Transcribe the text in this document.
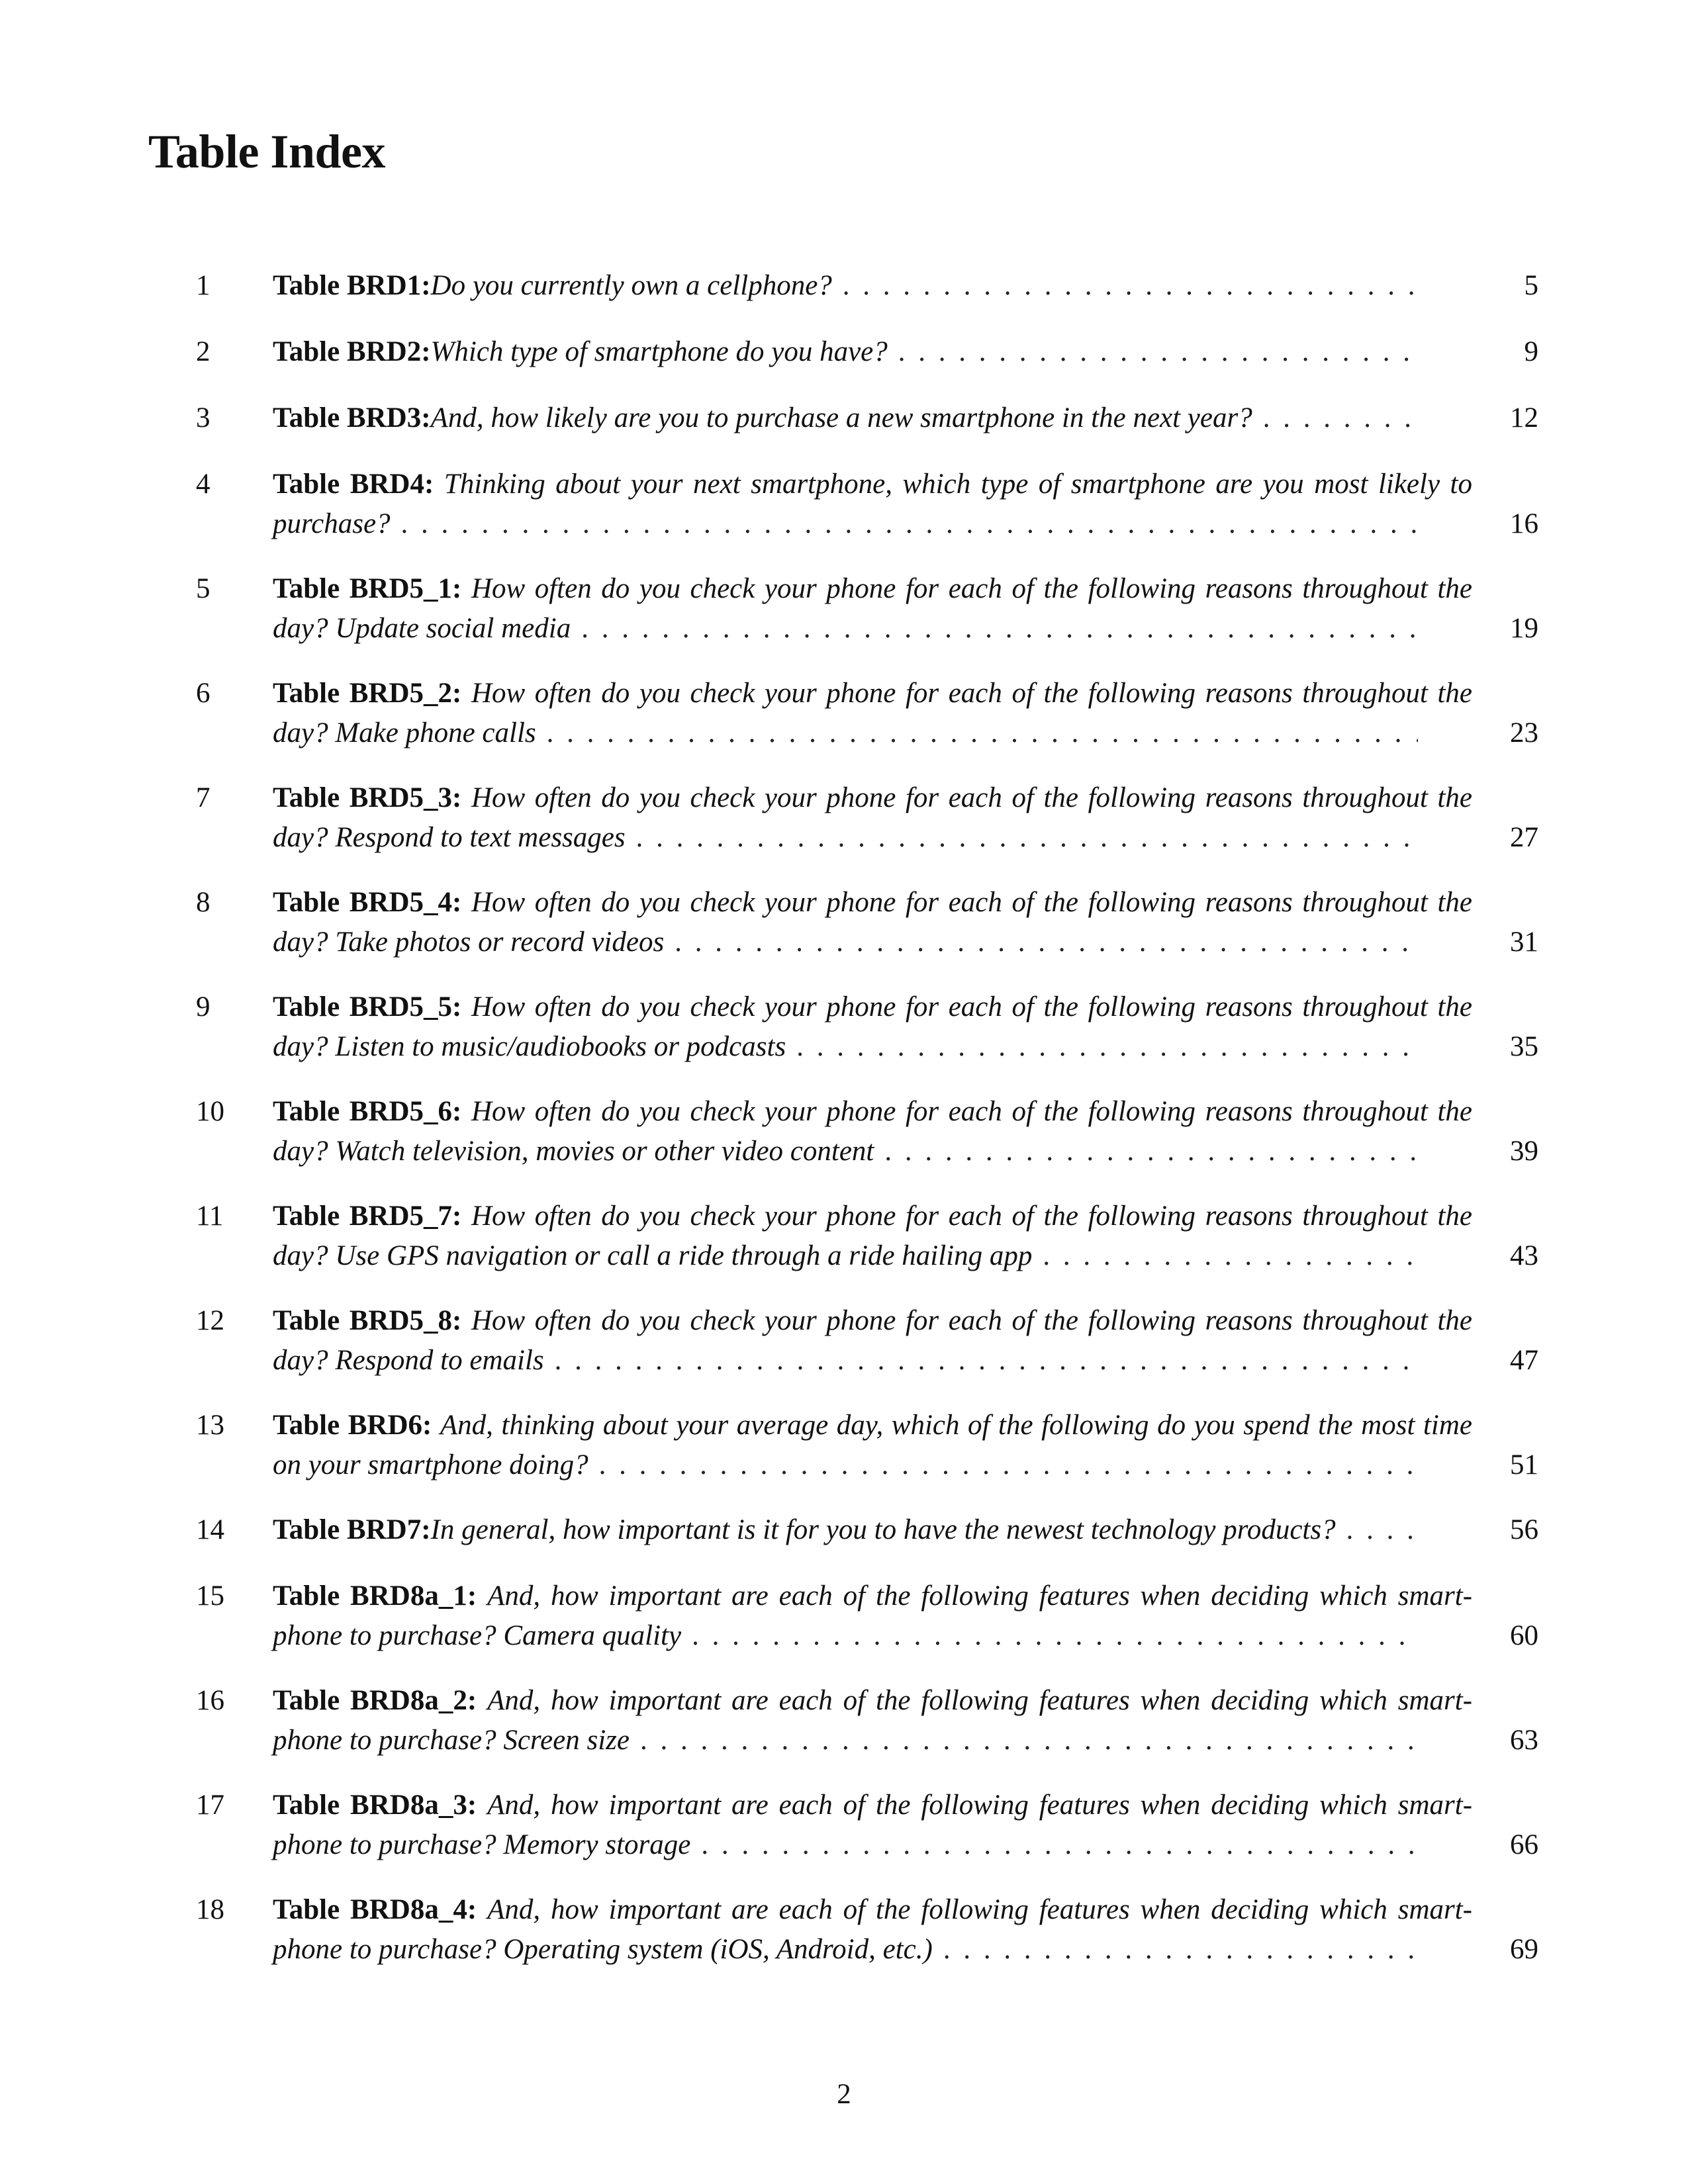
Table Index
1 Table BRD1: Do you currently own a cellphone? . . .	5
2 Table BRD2: Which type of smartphone do you have? . . .	9
3 Table BRD3: And, how likely are you to purchase a new smartphone in the next year? . . .	12
4 Table BRD4: Thinking about your next smartphone, which type of smartphone are you most likely to
purchase? . . .	16
5 Table BRD5_1: How often do you check your phone for each of the following reasons throughout the
day? Update social media . . .	19
6 Table BRD5_2: How often do you check your phone for each of the following reasons throughout the
day? Make phone calls . . .	23
7 Table BRD5_3: How often do you check your phone for each of the following reasons throughout the
day? Respond to text messages . . .	27
8 Table BRD5_4: How often do you check your phone for each of the following reasons throughout the
day? Take photos or record videos . . .	31
9 Table BRD5_5: How often do you check your phone for each of the following reasons throughout the
day? Listen to music/audiobooks or podcasts . . .	35
10 Table BRD5_6: How often do you check your phone for each of the following reasons throughout the
day? Watch television, movies or other video content . . .	39
11 Table BRD5_7: How often do you check your phone for each of the following reasons throughout the
day? Use GPS navigation or call a ride through a ride hailing app . . .	43
12 Table BRD5_8: How often do you check your phone for each of the following reasons throughout the
day? Respond to emails . . .	47
13 Table BRD6: And, thinking about your average day, which of the following do you spend the most time
on your smartphone doing? . . .	51
14 Table BRD7: In general, how important is it for you to have the newest technology products? . . .	56
15 Table BRD8a_1: And, how important are each of the following features when deciding which smart-
phone to purchase? Camera quality . . .	60
16 Table BRD8a_2: And, how important are each of the following features when deciding which smart-
phone to purchase? Screen size . . .	63
17 Table BRD8a_3: And, how important are each of the following features when deciding which smart-
phone to purchase? Memory storage . . .	66
18 Table BRD8a_4: And, how important are each of the following features when deciding which smart-
phone to purchase? Operating system (iOS, Android, etc.) . . .	69
2
